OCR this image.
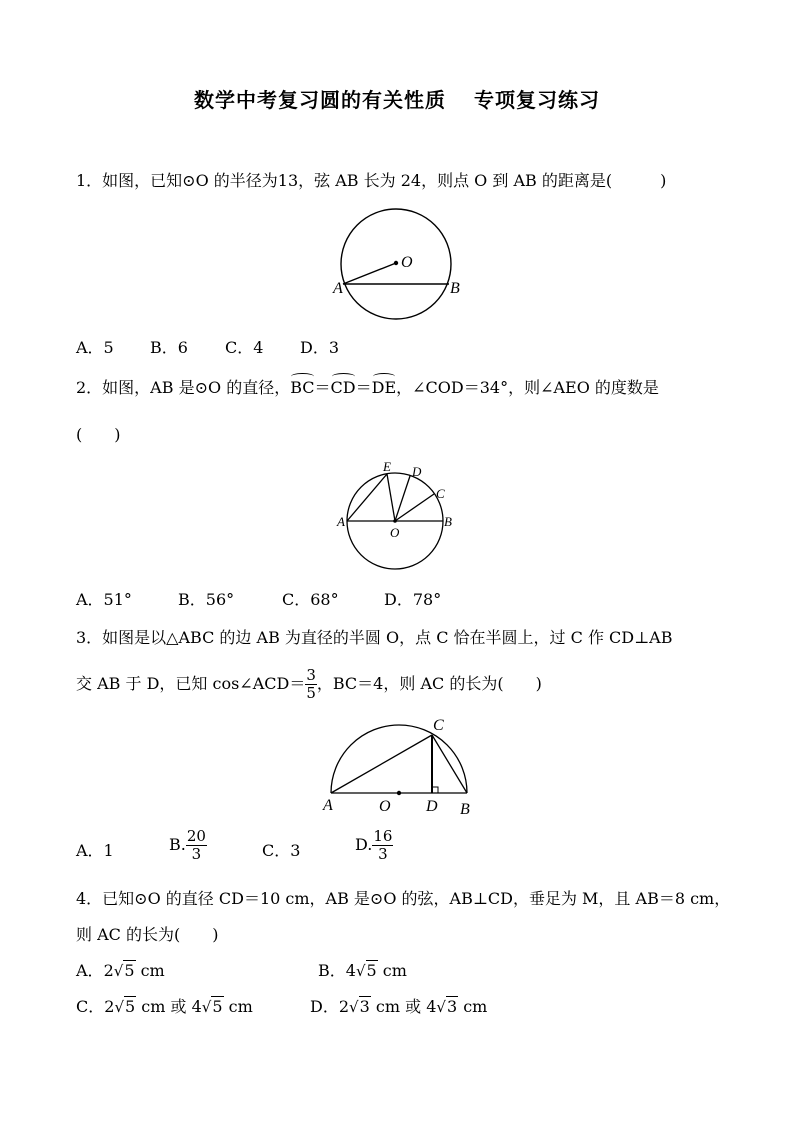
数学中考复习圆的有关性质 专项复习练习
1．如图，已知⊙O 的半径为13，弦 AB 长为 24，则点 O 到 AB 的距离是(　　　)
O
A	B
A．5 B．6 C．4 D．3
2．如图，AB 是⊙O 的直径，BC＝CD＝DE，∠COD＝34°，则∠AEO 的度数是
(　　)
E D
C
A
O
B
A．51°	B．56°	C．68°	D．78°
3．如图是以△ABC 的边 AB 为直径的半圆 O，点 C 恰在半圆上，过 C 作 CD⊥AB
交 AB 于 D，已知 cos∠ACD＝ $\frac{3}{5}$ ，BC＝4，则 AC 的长为(　　)
C
A	O D B
A．1	B. $\frac{20}{3}$	C．3	D. $\frac{16}{3}$
4．已知⊙O 的直径 CD＝10 cm，AB 是⊙O 的弦，AB⊥CD，垂足为 M，且 AB＝8 cm，
则 AC 的长为(　　)
A．2√5 cm	B．4√5 cm
C．2√5 cm 或 4√5 cm	D．2√3 cm 或 4√3 cm
